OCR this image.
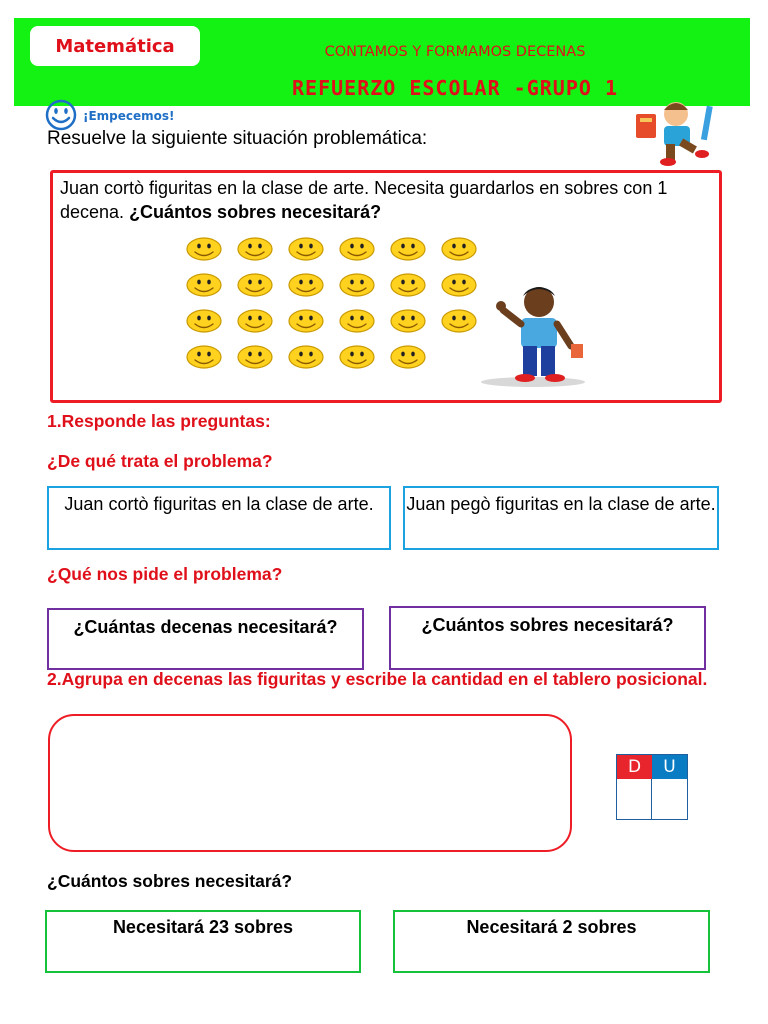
Matemática	CONTAMOS Y FORMAMOS DECENAS
REFUERZO ESCOLAR -GRUPO 1
¡Empecemos!
Resuelve la siguiente situación problemática:
Juan cortò figuritas en la clase de arte. Necesita guardarlos en sobres con 1 decena. ¿Cuántos sobres necesitará?
1.Responde las preguntas:
¿De qué trata el problema?
Juan cortò figuritas en la clase de arte. Juan pegò figuritas en la clase de arte.
¿Qué nos pide el problema?
¿Cuántas decenas necesitará?	¿Cuántos sobres necesitará?
2.Agrupa en decenas las figuritas y escribe la cantidad en el tablero posicional.
D	U
¿Cuántos sobres necesitará?
Necesitará 23 sobres	Necesitará 2 sobres
